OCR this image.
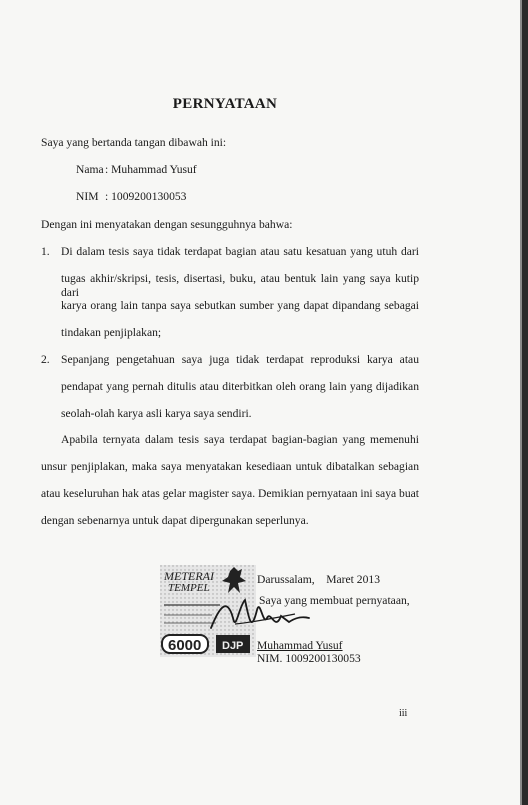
PERNYATAAN
Saya yang bertanda tangan dibawah ini:
Nama : Muhammad Yusuf
NIM : 1009200130053
Dengan ini menyatakan dengan sesungguhnya bahwa:
1. Di dalam tesis saya tidak terdapat bagian atau satu kesatuan yang utuh dari
tugas akhir/skripsi, tesis, disertasi, buku, atau bentuk lain yang saya kutip dari
karya orang lain tanpa saya sebutkan sumber yang dapat dipandang sebagai
tindakan penjiplakan;
2. Sepanjang pengetahuan saya juga tidak terdapat reproduksi karya atau
pendapat yang pernah ditulis atau diterbitkan oleh orang lain yang dijadikan
seolah-olah karya asli karya saya sendiri.
Apabila ternyata dalam tesis saya terdapat bagian-bagian yang memenuhi
unsur penjiplakan, maka saya menyatakan kesediaan untuk dibatalkan sebagian
atau keseluruhan hak atas gelar magister saya. Demikian pernyataan ini saya buat
dengan sebenarnya untuk dapat dipergunakan seperlunya.
Darussalam,    Maret 2013
METERAI
TEMPEL
6000 DJP
Saya yang membuat pernyataan,
Muhammad Yusuf
NIM. 1009200130053
iii
